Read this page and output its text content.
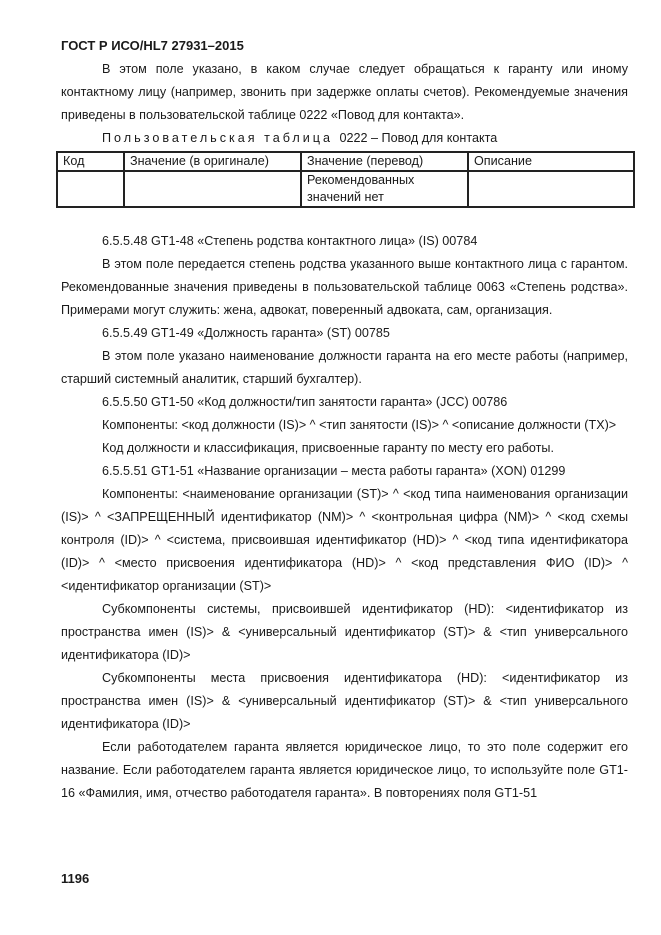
ГОСТ Р ИСО/HL7 27931–2015

В этом поле указано, в каком случае следует обращаться к гаранту или иному контактному лицу (например, звонить при задержке оплаты счетов). Рекомендуемые значения приведены в пользовательской таблице 0222 «Повод для контакта».

Пользовательская таблица 0222 – Повод для контакта

Код	Значение (в оригинале)	Значение (перевод)	Описание
		Рекомендованных значений нет	

6.5.5.48 GT1-48 «Степень родства контактного лица» (IS) 00784

В этом поле передается степень родства указанного выше контактного лица с гарантом. Рекомендованные значения приведены в пользовательской таблице 0063 «Степень родства». Примерами могут служить: жена, адвокат, поверенный адвоката, сам, организация.

6.5.5.49 GT1-49 «Должность гаранта» (ST) 00785

В этом поле указано наименование должности гаранта на его месте работы (например, старший системный аналитик, старший бухгалтер).

6.5.5.50 GT1-50 «Код должности/тип занятости гаранта» (JCC) 00786

Компоненты: <код должности (IS)> ^ <тип занятости (IS)> ^ <описание должности (TX)>

Код должности и классификация, присвоенные гаранту по месту его работы.

6.5.5.51 GT1-51 «Название организации – места работы гаранта» (XON) 01299

Компоненты: <наименование организации (ST)> ^ <код типа наименования организации (IS)> ^ <ЗАПРЕЩЕННЫЙ идентификатор (NM)> ^ <контрольная цифра (NM)> ^ <код схемы контроля (ID)> ^ <система, присвоившая идентификатор (HD)> ^ <код типа идентификатора (ID)> ^ <место присвоения идентификатора (HD)> ^ <код представления ФИО (ID)> ^ <идентификатор организации (ST)>

Субкомпоненты системы, присвоившей идентификатор (HD): <идентификатор из пространства имен (IS)> & <универсальный идентификатор (ST)> & <тип универсального идентификатора (ID)>

Субкомпоненты места присвоения идентификатора (HD): <идентификатор из пространства имен (IS)> & <универсальный идентификатор (ST)> & <тип универсального идентификатора (ID)>

Если работодателем гаранта является юридическое лицо, то это поле содержит его название. Если работодателем гаранта является юридическое лицо, то используйте поле GT1-16 «Фамилия, имя, отчество работодателя гаранта». В повторениях поля GT1-51

1196
